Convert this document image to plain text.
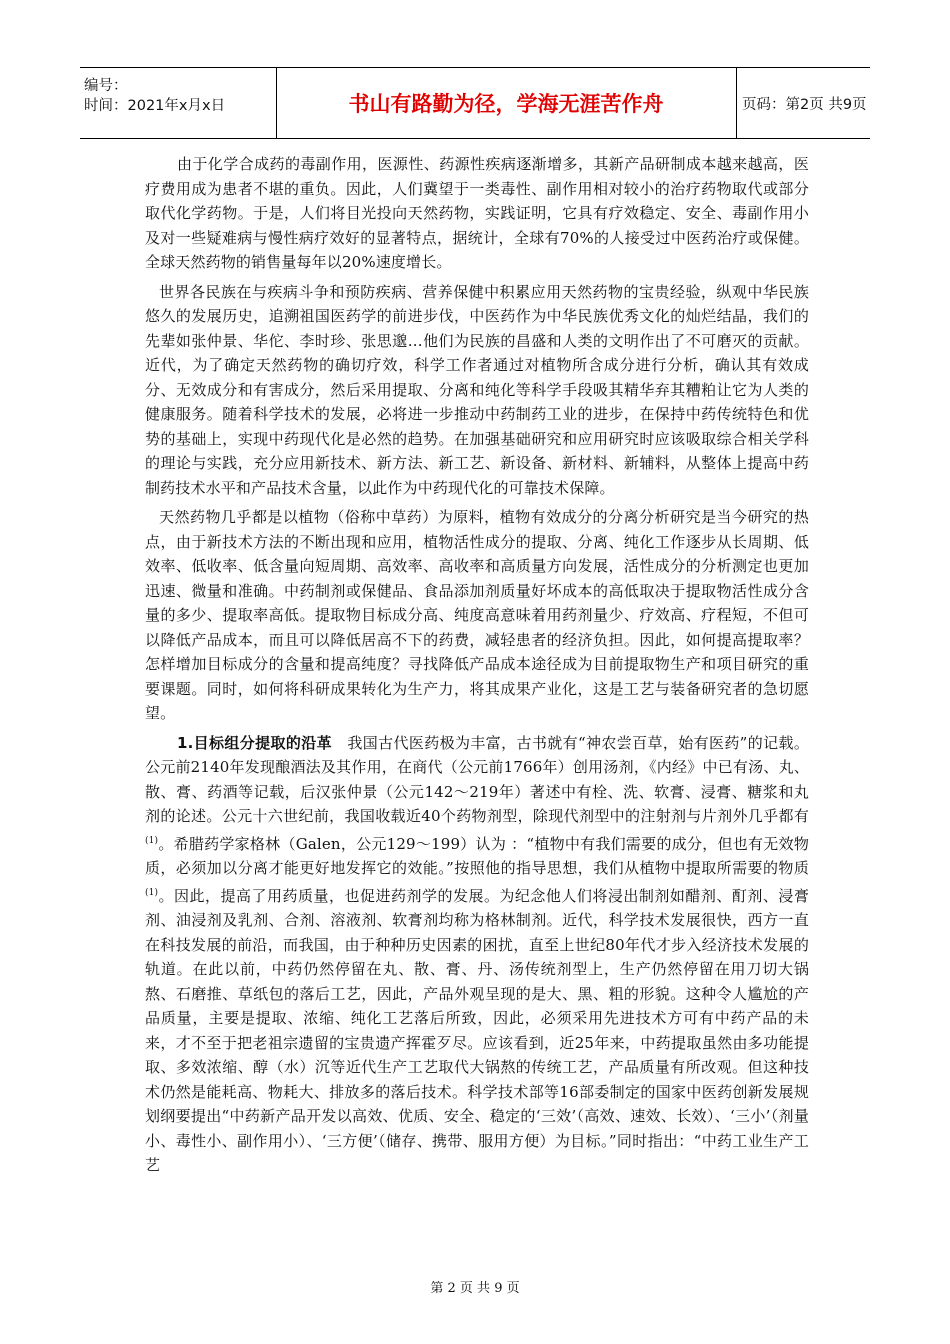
编号：
时间：2021年x月x日	书山有路勤为径，学海无涯苦作舟	页码：第2页 共9页

由于化学合成药的毒副作用，医源性、药源性疾病逐渐增多，其新产品研制成本越来越高，医疗费用成为患者不堪的重负。因此，人们冀望于一类毒性、副作用相对较小的治疗药物取代或部分取代化学药物。于是，人们将目光投向天然药物，实践证明，它具有疗效稳定、安全、毒副作用小及对一些疑难病与慢性病疗效好的显著特点，据统计，全球有70%的人接受过中医药治疗或保健。全球天然药物的销售量每年以20%速度增长。

世界各民族在与疾病斗争和预防疾病、营养保健中积累应用天然药物的宝贵经验，纵观中华民族悠久的发展历史，追溯祖国医药学的前进步伐，中医药作为中华民族优秀文化的灿烂结晶，我们的先辈如张仲景、华佗、李时珍、张思邈…他们为民族的昌盛和人类的文明作出了不可磨灭的贡献。近代，为了确定天然药物的确切疗效，科学工作者通过对植物所含成分进行分析，确认其有效成分、无效成分和有害成分，然后采用提取、分离和纯化等科学手段吸其精华弃其糟粕让它为人类的健康服务。随着科学技术的发展，必将进一步推动中药制药工业的进步，在保持中药传统特色和优势的基础上，实现中药现代化是必然的趋势。在加强基础研究和应用研究时应该吸取综合相关学科的理论与实践，充分应用新技术、新方法、新工艺、新设备、新材料、新辅料，从整体上提高中药制药技术水平和产品技术含量，以此作为中药现代化的可靠技术保障。

天然药物几乎都是以植物（俗称中草药）为原料，植物有效成分的分离分析研究是当今研究的热点，由于新技术方法的不断出现和应用，植物活性成分的提取、分离、纯化工作逐步从长周期、低效率、低收率、低含量向短周期、高效率、高收率和高质量方向发展，活性成分的分析测定也更加迅速、微量和准确。中药制剂或保健品、食品添加剂质量好坏成本的高低取决于提取物活性成分含量的多少、提取率高低。提取物目标成分高、纯度高意味着用药剂量少、疗效高、疗程短，不但可以降低产品成本，而且可以降低居高不下的药费，减轻患者的经济负担。因此，如何提高提取率？怎样增加目标成分的含量和提高纯度？寻找降低产品成本途径成为目前提取物生产和项目研究的重要课题。同时，如何将科研成果转化为生产力，将其成果产业化，这是工艺与装备研究者的急切愿望。

1.目标组分提取的沿革 我国古代医药极为丰富，古书就有“神农尝百草，始有医药”的记载。公元前2140年发现酿酒法及其作用，在商代（公元前1766年）创用汤剂，《内经》中已有汤、丸、散、膏、药酒等记载，后汉张仲景（公元142～219年）著述中有栓、洗、软膏、浸膏、糖浆和丸剂的论述。公元十六世纪前，我国收载近40个药物剂型，除现代剂型中的注射剂与片剂外几乎都有$^{(1)}$。希腊药学家格林（Galen，公元129～199）认为 ：“植物中有我们需要的成分，但也有无效物质，必须加以分离才能更好地发挥它的效能。”按照他的指导思想，我们从植物中提取所需要的物质$^{(1)}$。因此，提高了用药质量，也促进药剂学的发展。为纪念他人们将浸出制剂如醋剂、酊剂、浸膏剂、油浸剂及乳剂、合剂、溶液剂、软膏剂均称为格林制剂。近代，科学技术发展很快，西方一直在科技发展的前沿，而我国，由于种种历史因素的困扰，直至上世纪80年代才步入经济技术发展的轨道。在此以前，中药仍然停留在丸、散、膏、丹、汤传统剂型上，生产仍然停留在用刀切大锅熬、石磨推、草纸包的落后工艺，因此，产品外观呈现的是大、黑、粗的形貌。这种令人尴尬的产品质量，主要是提取、浓缩、纯化工艺落后所致，因此，必须采用先进技术方可有中药产品的未来，才不至于把老祖宗遗留的宝贵遗产挥霍歹尽。应该看到，近25年来，中药提取虽然由多功能提取、多效浓缩、醇（水）沉等近代生产工艺取代大锅熬的传统工艺，产品质量有所改观。但这种技术仍然是能耗高、物耗大、排放多的落后技术。科学技术部等16部委制定的国家中医药创新发展规划纲要提出“中药新产品开发以高效、优质、安全、稳定的‘三效’（高效、速效、长效）、‘三小’（剂量小、毒性小、副作用小）、‘三方便’（储存、携带、服用方便）为目标。”同时指出：“中药工业生产工艺

第 2 页 共 9 页
